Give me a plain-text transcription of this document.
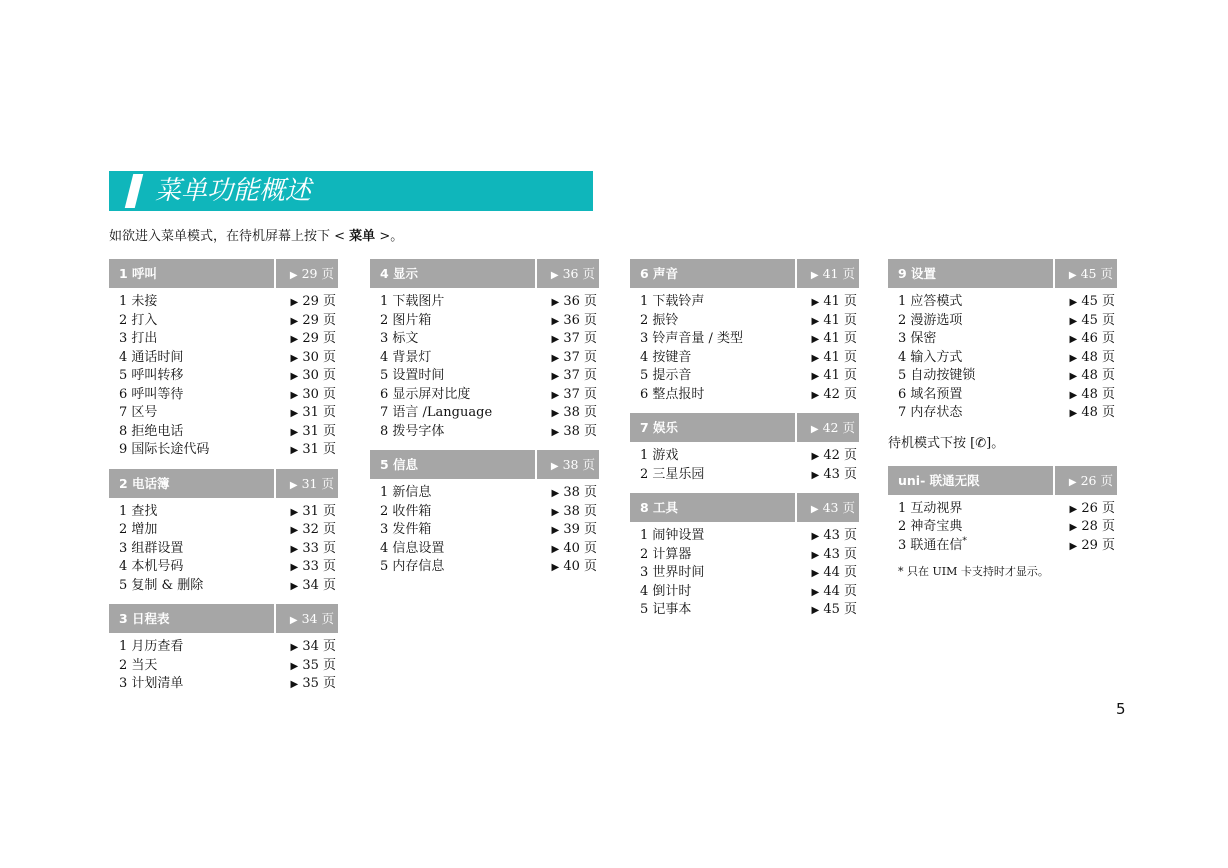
菜单功能概述
如欲进入菜单模式，在待机屏幕上按下 < 菜单 >。
1 呼叫	▶ 29 页
1 未接	▶ 29 页
2 打入	▶ 29 页
3 打出	▶ 29 页
4 通话时间	▶ 30 页
5 呼叫转移	▶ 30 页
6 呼叫等待	▶ 30 页
7 区号	▶ 31 页
8 拒绝电话	▶ 31 页
9 国际长途代码	▶ 31 页
2 电话簿	▶ 31 页
1 查找	▶ 31 页
2 增加	▶ 32 页
3 组群设置	▶ 33 页
4 本机号码	▶ 33 页
5 复制 & 删除	▶ 34 页
3 日程表	▶ 34 页
1 月历查看	▶ 34 页
2 当天	▶ 35 页
3 计划清单	▶ 35 页
4 显示	▶ 36 页
1 下载图片	▶ 36 页
2 图片箱	▶ 36 页
3 标文	▶ 37 页
4 背景灯	▶ 37 页
5 设置时间	▶ 37 页
6 显示屏对比度	▶ 37 页
7 语言 /Language	▶ 38 页
8 拨号字体	▶ 38 页
5 信息	▶ 38 页
1 新信息	▶ 38 页
2 收件箱	▶ 38 页
3 发件箱	▶ 39 页
4 信息设置	▶ 40 页
5 内存信息	▶ 40 页
6 声音	▶ 41 页
1 下载铃声	▶ 41 页
2 振铃	▶ 41 页
3 铃声音量 / 类型	▶ 41 页
4 按键音	▶ 41 页
5 提示音	▶ 41 页
6 整点报时	▶ 42 页
7 娱乐	▶ 42 页
1 游戏	▶ 42 页
2 三星乐园	▶ 43 页
8 工具	▶ 43 页
1 闹钟设置	▶ 43 页
2 计算器	▶ 43 页
3 世界时间	▶ 44 页
4 倒计时	▶ 44 页
5 记事本	▶ 45 页
9 设置	▶ 45 页
1 应答模式	▶ 45 页
2 漫游选项	▶ 45 页
3 保密	▶ 46 页
4 输入方式	▶ 48 页
5 自动按键锁	▶ 48 页
6 域名预置	▶ 48 页
7 内存状态	▶ 48 页
待机模式下按 [✆]。
uni- 联通无限	▶ 26 页
1 互动视界	▶ 26 页
2 神奇宝典	▶ 28 页
3 联通在信*	▶ 29 页
* 只在 UIM 卡支持时才显示。
5
